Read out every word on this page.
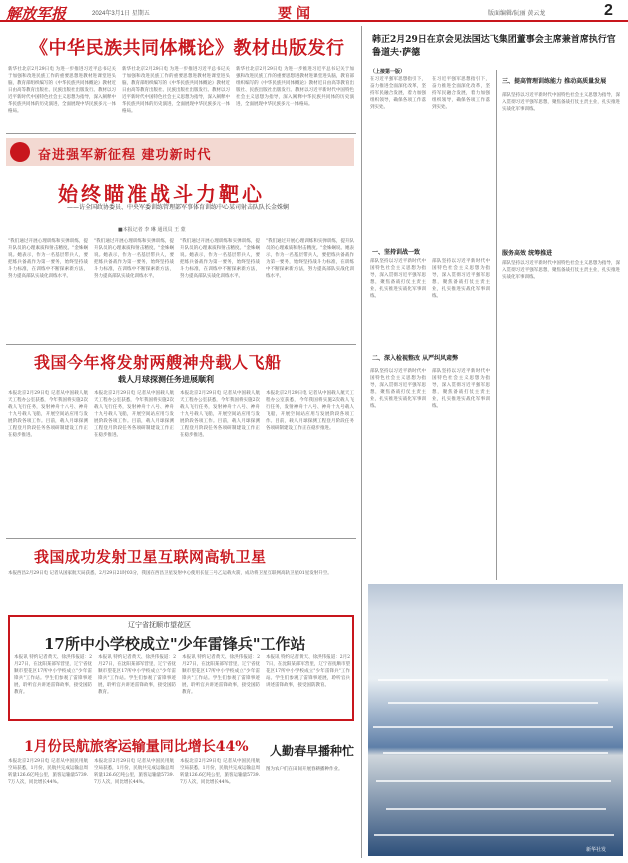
解放军报	2024年3月1日 星期五	要闻	版面编辑/阮丽 黄云龙	2
《中华民族共同体概论》教材出版发行
新华社北京2月29日电 为进一步推进习近平总书记关于加强和改进民族工作的重要思想进教材进课堂进头脑，教育部组织编写的《中华民族共同体概论》教材近日由高等教育出版社、民族出版社出版发行。教材以习近平新时代中国特色社会主义思想为指导，深入阐释中华民族共同体的历史演进，全面展现中华民族多元一体格局。
新华社北京2月29日电 为进一步推进习近平总书记关于加强和改进民族工作的重要思想进教材进课堂进头脑，教育部组织编写的《中华民族共同体概论》教材近日由高等教育出版社、民族出版社出版发行。教材以习近平新时代中国特色社会主义思想为指导，深入阐释中华民族共同体的历史演进，全面展现中华民族多元一体格局。
新华社北京2月29日电 为进一步推进习近平总书记关于加强和改进民族工作的重要思想进教材进课堂进头脑，教育部组织编写的《中华民族共同体概论》教材近日由高等教育出版社、民族出版社出版发行。教材以习近平新时代中国特色社会主义思想为指导，深入阐释中华民族共同体的历史演进，全面展现中华民族多元一体格局。
奋进强军新征程 建功新时代
始终瞄准战斗力靶心
——访全国政协委员、中央军委训练管理部军事体育训练中心某司射击队队长金姝娴
■本报记者 李 琳 通讯员 王 蒙
"我们通过开展心理训练和实弹训练，提升队员的心理素质和射击精度。"金姝娴说。她表示，作为一名基层带兵人，要把练兵备战作为第一要务，始终坚持战斗力标准，在训练中不断探索新方法，努力提高部队实战化训练水平。
"我们通过开展心理训练和实弹训练，提升队员的心理素质和射击精度。"金姝娴说。她表示，作为一名基层带兵人，要把练兵备战作为第一要务，始终坚持战斗力标准，在训练中不断探索新方法，努力提高部队实战化训练水平。
"我们通过开展心理训练和实弹训练，提升队员的心理素质和射击精度。"金姝娴说。她表示，作为一名基层带兵人，要把练兵备战作为第一要务，始终坚持战斗力标准，在训练中不断探索新方法，努力提高部队实战化训练水平。
"我们通过开展心理训练和实弹训练，提升队员的心理素质和射击精度。"金姝娴说。她表示，作为一名基层带兵人，要把练兵备战作为第一要务，始终坚持战斗力标准，在训练中不断探索新方法，努力提高部队实战化训练水平。
我国今年将发射两艘神舟载人飞船
载人月球探测任务进展顺利
本报北京2月29日电 记者从中国载人航天工程办公室获悉，今年我国将实施2次载人飞行任务，发射神舟十八号、神舟十九号载人飞船，开展空间站应用与发展阶段各项工作。目前，载人月球探测工程登月阶段任务各项研制建设工作正在稳步推进。
本报北京2月29日电 记者从中国载人航天工程办公室获悉，今年我国将实施2次载人飞行任务，发射神舟十八号、神舟十九号载人飞船，开展空间站应用与发展阶段各项工作。目前，载人月球探测工程登月阶段任务各项研制建设工作正在稳步推进。
本报北京2月29日电 记者从中国载人航天工程办公室获悉，今年我国将实施2次载人飞行任务，发射神舟十八号、神舟十九号载人飞船，开展空间站应用与发展阶段各项工作。目前，载人月球探测工程登月阶段任务各项研制建设工作正在稳步推进。
本报北京2月29日电 记者从中国载人航天工程办公室获悉，今年我国将实施2次载人飞行任务，发射神舟十八号、神舟十九号载人飞船，开展空间站应用与发展阶段各项工作。目前，载人月球探测工程登月阶段任务各项研制建设工作正在稳步推进。
我国成功发射卫星互联网高轨卫星
本报西昌2月29日电 记者从国家航天局获悉，2月29日21时03分，我国在西昌卫星发射中心使用长征三号乙运载火箭，成功将卫星互联网高轨卫星01星发射升空。
辽宁省抚顺市望花区
17所中小学校成立"少年雷锋兵"工作站
本报讯 特约记者黄天、徐洪伟报道：2月27日，在沈阳某部军营里，辽宁省抚顺市望花区17所中小学校成立"少年雷锋兵"工作站。学生们参观了雷锋事迹展，聆听官兵讲述雷锋故事，接受国防教育。
本报讯 特约记者黄天、徐洪伟报道：2月27日，在沈阳某部军营里，辽宁省抚顺市望花区17所中小学校成立"少年雷锋兵"工作站。学生们参观了雷锋事迹展，聆听官兵讲述雷锋故事，接受国防教育。
本报讯 特约记者黄天、徐洪伟报道：2月27日，在沈阳某部军营里，辽宁省抚顺市望花区17所中小学校成立"少年雷锋兵"工作站。学生们参观了雷锋事迹展，聆听官兵讲述雷锋故事，接受国防教育。
本报讯 特约记者黄天、徐洪伟报道：2月27日，在沈阳某部军营里，辽宁省抚顺市望花区17所中小学校成立"少年雷锋兵"工作站。学生们参观了雷锋事迹展，聆听官兵讲述雷锋故事，接受国防教育。
1月份民航旅客运输量同比增长44%
本报北京2月29日电 记者从中国民用航空局获悉，1月份，民航共完成运输总周转量126.6亿吨公里，旅客运输量5739.7万人次，同比增长44%。
本报北京2月29日电 记者从中国民用航空局获悉，1月份，民航共完成运输总周转量126.6亿吨公里，旅客运输量5739.7万人次，同比增长44%。
本报北京2月29日电 记者从中国民用航空局获悉，1月份，民航共完成运输总周转量126.6亿吨公里，旅客运输量5739.7万人次，同比增长44%。
人勤春早播种忙
图为农户们在田间开展春耕播种作业。
韩正2月29日在京会见法国达飞集团董事会主席兼首席执行官鲁道夫·萨德
（上接第一版）
在习近平强军思想指引下，奋力推进全面深化改革，坚持军民融合发展，着力加强组织领导，确保各项工作落到实处。
在习近平强军思想指引下，奋力推进全面深化改革，坚持军民融合发展，着力加强组织领导，确保各项工作落到实处。
一、坚持训战一致
部队坚持以习近平新时代中国特色社会主义思想为指导，深入贯彻习近平强军思想，聚焦备战打仗主责主业，扎实推进实战化军事训练。
部队坚持以习近平新时代中国特色社会主义思想为指导，深入贯彻习近平强军思想，聚焦备战打仗主责主业，扎实推进实战化军事训练。
二、深入检视整改 从严纠风肃弊
部队坚持以习近平新时代中国特色社会主义思想为指导，深入贯彻习近平强军思想，聚焦备战打仗主责主业，扎实推进实战化军事训练。
部队坚持以习近平新时代中国特色社会主义思想为指导，深入贯彻习近平强军思想，聚焦备战打仗主责主业，扎实推进实战化军事训练。
三、提高管理训练能力 推动高质量发展
部队坚持以习近平新时代中国特色社会主义思想为指导，深入贯彻习近平强军思想，聚焦备战打仗主责主业，扎实推进实战化军事训练。
服务高效 统筹推进
部队坚持以习近平新时代中国特色社会主义思想为指导，深入贯彻习近平强军思想，聚焦备战打仗主责主业，扎实推进实战化军事训练。
新华社发
